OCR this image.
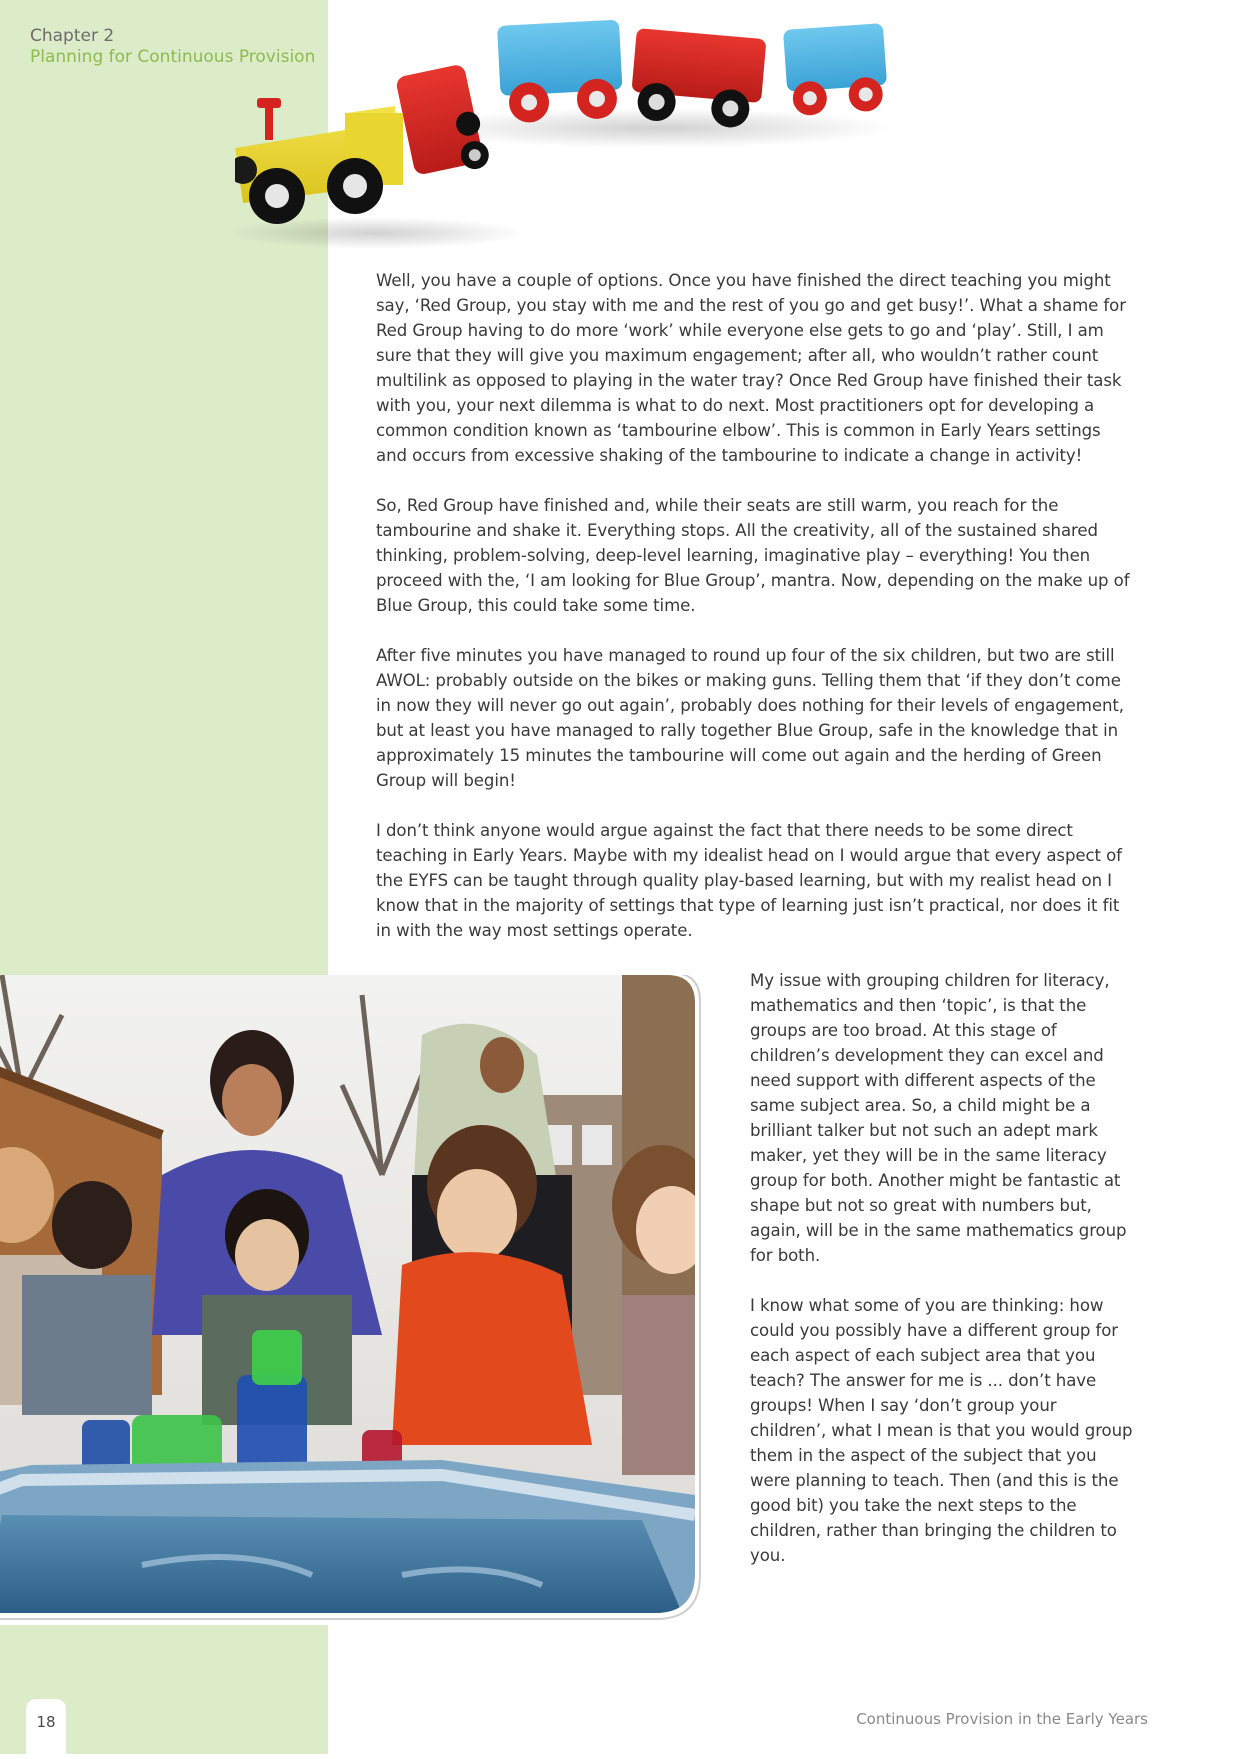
Chapter 2
Planning for Continuous Provision

Well, you have a couple of options. Once you have finished the direct teaching you might say, ‘Red Group, you stay with me and the rest of you go and get busy!’. What a shame for Red Group having to do more ‘work’ while everyone else gets to go and ‘play’. Still, I am sure that they will give you maximum engagement; after all, who wouldn’t rather count multilink as opposed to playing in the water tray? Once Red Group have finished their task with you, your next dilemma is what to do next. Most practitioners opt for developing a common condition known as ‘tambourine elbow’. This is common in Early Years settings and occurs from excessive shaking of the tambourine to indicate a change in activity!

So, Red Group have finished and, while their seats are still warm, you reach for the tambourine and shake it. Everything stops. All the creativity, all of the sustained shared thinking, problem-solving, deep-level learning, imaginative play – everything! You then proceed with the, ‘I am looking for Blue Group’, mantra. Now, depending on the make up of Blue Group, this could take some time.

After five minutes you have managed to round up four of the six children, but two are still AWOL: probably outside on the bikes or making guns. Telling them that ‘if they don’t come in now they will never go out again’, probably does nothing for their levels of engagement, but at least you have managed to rally together Blue Group, safe in the knowledge that in approximately 15 minutes the tambourine will come out again and the herding of Green Group will begin!

I don’t think anyone would argue against the fact that there needs to be some direct teaching in Early Years. Maybe with my idealist head on I would argue that every aspect of the EYFS can be taught through quality play-based learning, but with my realist head on I know that in the majority of settings that type of learning just isn’t practical, nor does it fit in with the way most settings operate.

My issue with grouping children for literacy, mathematics and then ‘topic’, is that the groups are too broad. At this stage of children’s development they can excel and need support with different aspects of the same subject area. So, a child might be a brilliant talker but not such an adept mark maker, yet they will be in the same literacy group for both. Another might be fantastic at shape but not so great with numbers but, again, will be in the same mathematics group for both.

I know what some of you are thinking: how could you possibly have a different group for each aspect of each subject area that you teach? The answer for me is ... don’t have groups! When I say ‘don’t group your children’, what I mean is that you would group them in the aspect of the subject that you were planning to teach. Then (and this is the good bit) you take the next steps to the children, rather than bringing the children to you.

18	Continuous Provision in the Early Years
